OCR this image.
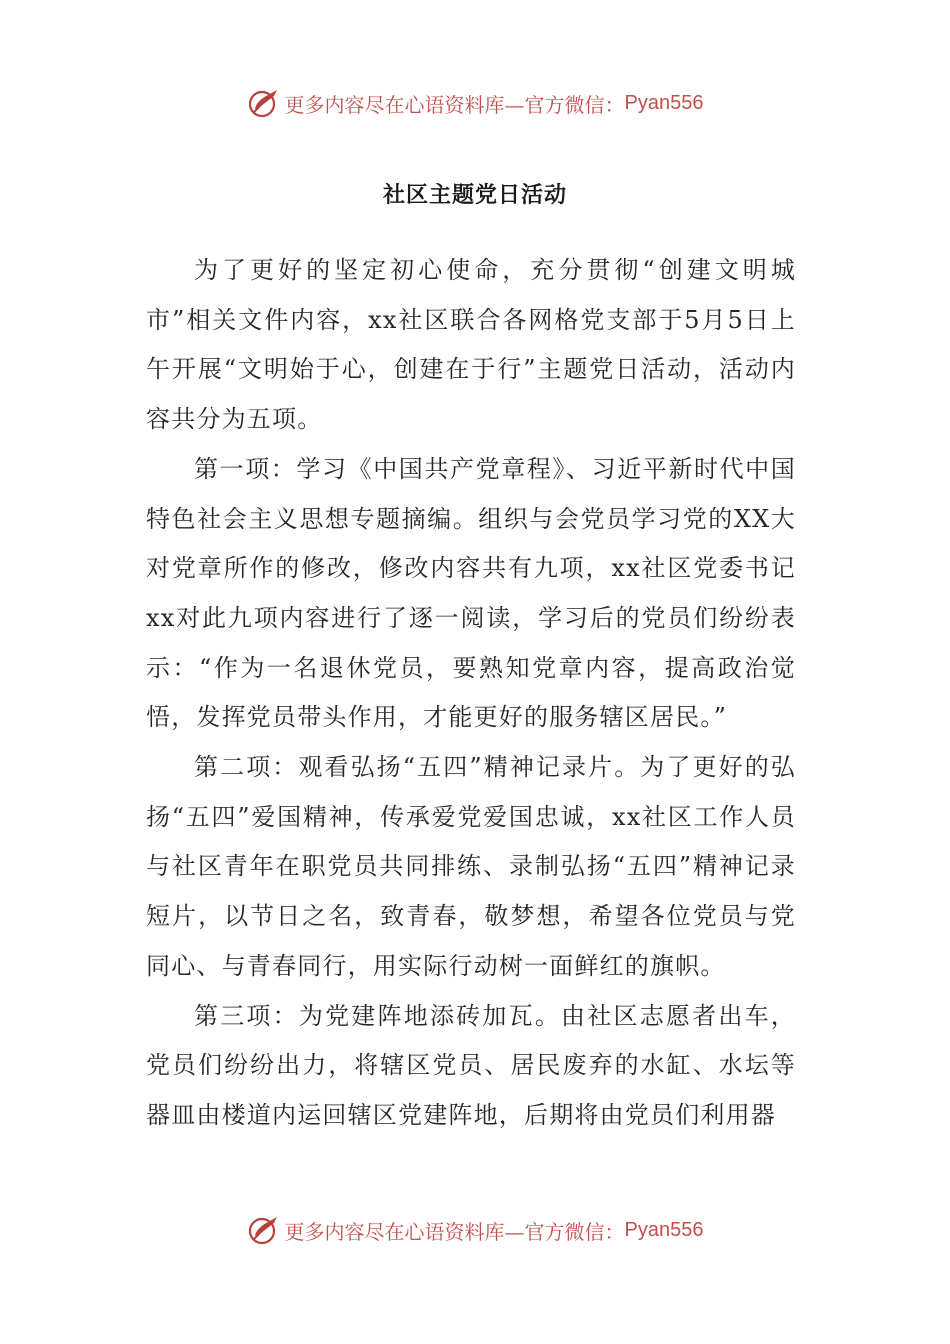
更多内容尽在心语资料库—官方微信： Pyan556
社区主题党日活动

为了更好的坚定初心使命，充分贯彻“创建文明城市”相关文件内容，xx社区联合各网格党支部于5月5日上午开展“文明始于心，创建在于行”主题党日活动，活动内容共分为五项。

第一项：学习《中国共产党章程》、习近平新时代中国特色社会主义思想专题摘编。组织与会党员学习党的XX大对党章所作的修改，修改内容共有九项，xx社区党委书记xx对此九项内容进行了逐一阅读，学习后的党员们纷纷表示：“作为一名退休党员，要熟知党章内容，提高政治觉悟，发挥党员带头作用，才能更好的服务辖区居民。”

第二项：观看弘扬“五四”精神记录片。为了更好的弘扬“五四”爱国精神，传承爱党爱国忠诚，xx社区工作人员与社区青年在职党员共同排练、录制弘扬“五四”精神记录短片，以节日之名，致青春，敬梦想，希望各位党员与党同心、与青春同行，用实际行动树一面鲜红的旗帜。

第三项：为党建阵地添砖加瓦。由社区志愿者出车，党员们纷纷出力，将辖区党员、居民废弃的水缸、水坛等器皿由楼道内运回辖区党建阵地，后期将由党员们利用器

更多内容尽在心语资料库—官方微信： Pyan556
